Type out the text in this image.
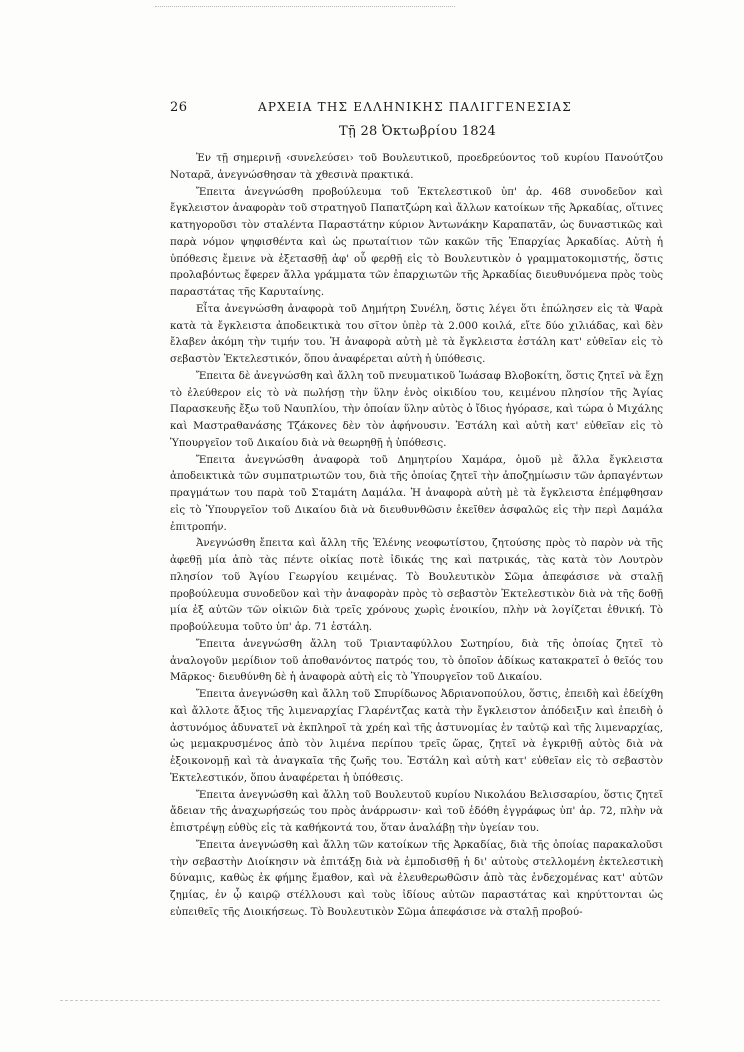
26	ΑΡΧΕΙΑ ΤΗΣ ΕΛΛΗΝΙΚΗΣ ΠΑΛΙΓΓΕΝΕΣΙΑΣ
Τῇ 28 Ὀκτωβρίου 1824

Ἐν τῇ σημερινῇ ‹συνελεύσει› τοῦ Βουλευτικοῦ, προεδρεύοντος τοῦ κυρίου Πανούτζου Νοταρᾶ, ἀνεγνώσθησαν τὰ χθεσινὰ πρακτικά.

Ἔπειτα ἀνεγνώσθη προβούλευμα τοῦ Ἐκτελεστικοῦ ὑπ' ἀρ. 468 συνοδεῦον καὶ ἔγκλειστον ἀναφορὰν τοῦ στρατηγοῦ Παπατζώρη καὶ ἄλλων κατοίκων τῆς Ἀρκαδίας, οἵτινες κατηγοροῦσι τὸν σταλέντα Παραστάτην κύριον Ἀντωνάκην Καραπατᾶν, ὡς δυναστικῶς καὶ παρὰ νόμον ψηφισθέντα καὶ ὡς πρωταίτιον τῶν κακῶν τῆς Ἐπαρχίας Ἀρκαδίας. Αὐτὴ ἡ ὑπόθεσις ἔμεινε νὰ ἐξετασθῇ ἀφ' οὗ φερθῇ εἰς τὸ Βουλευτικὸν ὁ γραμματοκομιστής, ὅστις προλαβόντως ἔφερεν ἄλλα γράμματα τῶν ἐπαρχιωτῶν τῆς Ἀρκαδίας διευθυνόμενα πρὸς τοὺς παραστάτας τῆς Καρυταίνης.

Εἶτα ἀνεγνώσθη ἀναφορὰ τοῦ Δημήτρη Συνέλη, ὅστις λέγει ὅτι ἐπώλησεν εἰς τὰ Ψαρὰ κατὰ τὰ ἔγκλειστα ἀποδεικτικὰ του σῖτον ὑπὲρ τὰ 2.000 κοιλά, εἴτε δύο χιλιάδας, καὶ δὲν ἔλαβεν ἀκόμη τὴν τιμήν του. Ἡ ἀναφορὰ αὐτὴ μὲ τὰ ἔγκλειστα ἐστάλη κατ' εὐθεῖαν εἰς τὸ σεβαστὸν Ἐκτελεστικόν, ὅπου ἀναφέρεται αὐτὴ ἡ ὑπόθεσις.

Ἔπειτα δὲ ἀνεγνώσθη καὶ ἄλλη τοῦ πνευματικοῦ Ἰωάσαφ Βλοβοκίτη, ὅστις ζητεῖ νὰ ἔχῃ τὸ ἐλεύθερον εἰς τὸ νὰ πωλήσῃ τὴν ὕλην ἑνὸς οἰκιδίου του, κειμένου πλησίον τῆς Ἁγίας Παρασκευῆς ἔξω τοῦ Ναυπλίου, τὴν ὁποίαν ὕλην αὐτὸς ὁ ἴδιος ἠγόρασε, καὶ τώρα ὁ Μιχάλης καὶ Μαστραθανάσης Τζάκονες δὲν τὸν ἀφήνουσιν. Ἐστάλη καὶ αὐτὴ κατ' εὐθεῖαν εἰς τὸ Ὑπουργεῖον τοῦ Δικαίου διὰ νὰ θεωρηθῇ ἡ ὑπόθεσις.

Ἔπειτα ἀνεγνώσθη ἀναφορὰ τοῦ Δημητρίου Χαμάρα, ὁμοῦ μὲ ἄλλα ἔγκλειστα ἀποδεικτικὰ τῶν συμπατριωτῶν του, διὰ τῆς ὁποίας ζητεῖ τὴν ἀποζημίωσιν τῶν ἁρπαγέντων πραγμάτων του παρὰ τοῦ Σταμάτη Δαμάλα. Ἡ ἀναφορὰ αὐτὴ μὲ τὰ ἔγκλειστα ἐπέμφθησαν εἰς τὸ Ὑπουργεῖον τοῦ Δικαίου διὰ νὰ διευθυνθῶσιν ἐκεῖθεν ἀσφαλῶς εἰς τὴν περὶ Δαμάλα ἐπιτροπήν.

Ἀνεγνώσθη ἔπειτα καὶ ἄλλη τῆς Ἑλένης νεοφωτίστου, ζητούσης πρὸς τὸ παρὸν νὰ τῆς ἀφεθῇ μία ἀπὸ τὰς πέντε οἰκίας ποτὲ ἰδικάς της καὶ πατρικάς, τὰς κατὰ τὸν Λουτρὸν πλησίον τοῦ Ἁγίου Γεωργίου κειμένας. Τὸ Βουλευτικὸν Σῶμα ἀπεφάσισε νὰ σταλῇ προβούλευμα συνοδεῦον καὶ τὴν ἀναφορὰν πρὸς τὸ σεβαστὸν Ἐκτελεστικὸν διὰ νὰ τῆς δοθῇ μία ἐξ αὐτῶν τῶν οἰκιῶν διὰ τρεῖς χρόνους χωρὶς ἐνοικίου, πλὴν νὰ λογίζεται ἐθνική. Τὸ προβούλευμα τοῦτο ὑπ' ἀρ. 71 ἐστάλη.

Ἔπειτα ἀνεγνώσθη ἄλλη τοῦ Τριανταφύλλου Σωτηρίου, διὰ τῆς ὁποίας ζητεῖ τὸ ἀναλογοῦν μερίδιον τοῦ ἀποθανόντος πατρός του, τὸ ὁποῖον ἀδίκως κατακρατεῖ ὁ θεῖός του Μᾶρκος· διευθύνθη δὲ ἡ ἀναφορὰ αὐτὴ εἰς τὸ Ὑπουργεῖον τοῦ Δικαίου.

Ἔπειτα ἀνεγνώσθη καὶ ἄλλη τοῦ Σπυρίδωνος Ἀδριανοπούλου, ὅστις, ἐπειδὴ καὶ ἐδείχθη καὶ ἄλλοτε ἄξιος τῆς λιμεναρχίας Γλαρέντζας κατὰ τὴν ἔγκλειστον ἀπόδειξιν καὶ ἐπειδὴ ὁ ἀστυνόμος ἀδυνατεῖ νὰ ἐκπληροῖ τὰ χρέη καὶ τῆς ἀστυνομίας ἐν ταὐτῷ καὶ τῆς λιμεναρχίας, ὡς μεμακρυσμένος ἀπὸ τὸν λιμένα περίπου τρεῖς ὥρας, ζητεῖ νὰ ἐγκριθῇ αὐτὸς διὰ νὰ ἐξοικονομῇ καὶ τὰ ἀναγκαῖα τῆς ζωῆς του. Ἐστάλη καὶ αὐτὴ κατ' εὐθεῖαν εἰς τὸ σεβαστὸν Ἐκτελεστικόν, ὅπου ἀναφέρεται ἡ ὑπόθεσις.

Ἔπειτα ἀνεγνώσθη καὶ ἄλλη τοῦ Βουλευτοῦ κυρίου Νικολάου Βελισσαρίου, ὅστις ζητεῖ ἄδειαν τῆς ἀναχωρήσεώς του πρὸς ἀνάρρωσιν· καὶ τοῦ ἐδόθη ἐγγράφως ὑπ' ἀρ. 72, πλὴν νὰ ἐπιστρέψῃ εὐθὺς εἰς τὰ καθήκοντά του, ὅταν ἀναλάβῃ τὴν ὑγείαν του.

Ἔπειτα ἀνεγνώσθη καὶ ἄλλη τῶν κατοίκων τῆς Ἀρκαδίας, διὰ τῆς ὁποίας παρακαλοῦσι τὴν σεβαστὴν Διοίκησιν νὰ ἐπιτάξῃ διὰ νὰ ἐμποδισθῇ ἡ δι' αὐτοὺς στελλομένη ἐκτελεστικὴ δύναμις, καθὼς ἐκ φήμης ἔμαθον, καὶ νὰ ἐλευθερωθῶσιν ἀπὸ τὰς ἐνδεχομένας κατ' αὐτῶν ζημίας, ἐν ᾧ καιρῷ στέλλουσι καὶ τοὺς ἰδίους αὐτῶν παραστάτας καὶ κηρύττονται ὡς εὐπειθεῖς τῆς Διοικήσεως. Τὸ Βουλευτικὸν Σῶμα ἀπεφάσισε νὰ σταλῇ προβού-
